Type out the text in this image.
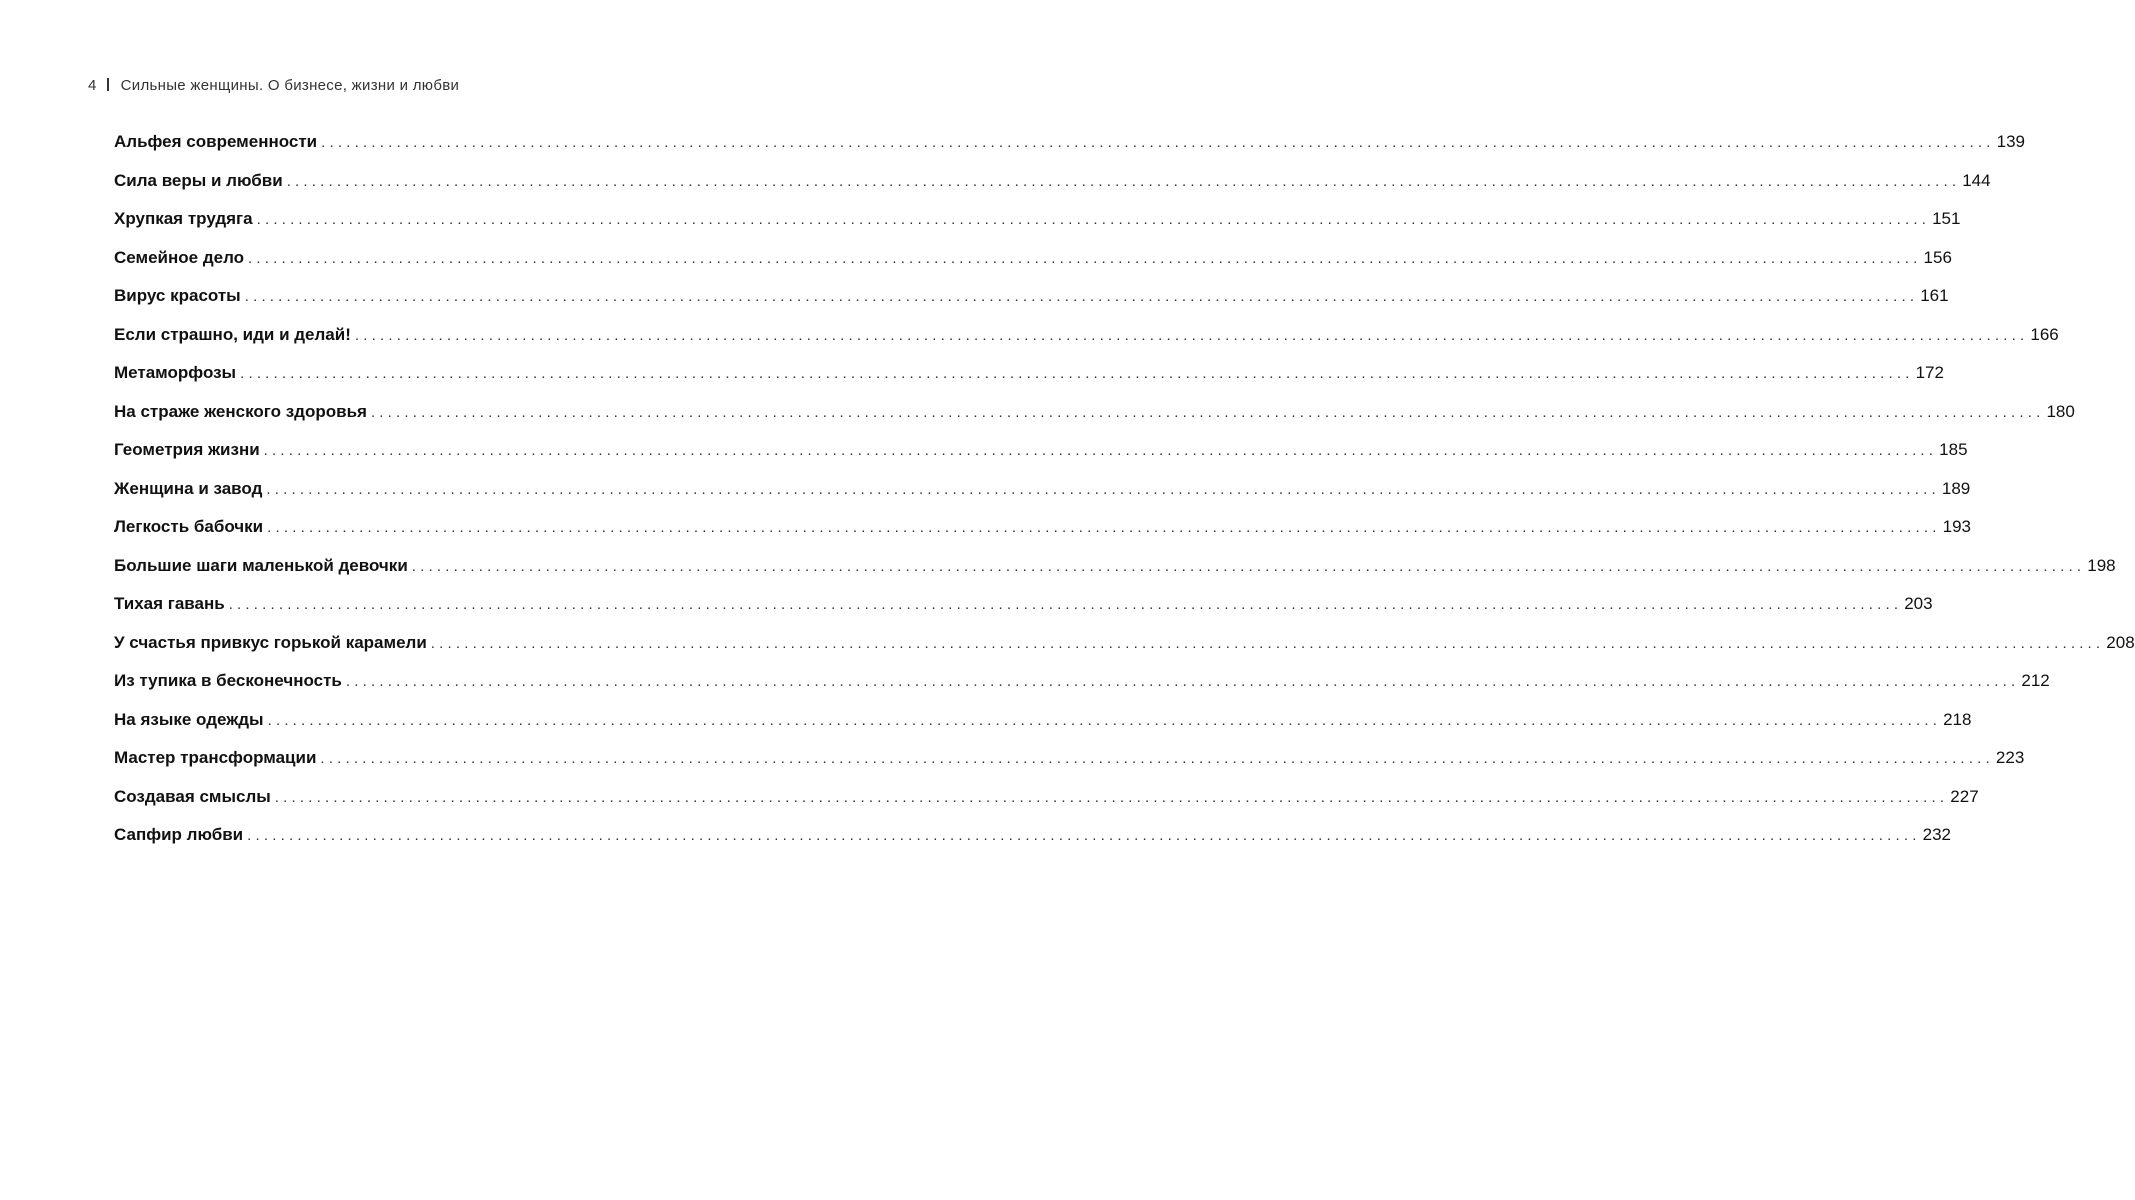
4 Сильные женщины. О бизнесе, жизни и любви
Альфея современности ........................................................................................................................................................................................................ 139
Сила веры и любви ........................................................................................................................................................................................................ 144
Хрупкая трудяга ........................................................................................................................................................................................................ 151
Семейное дело ........................................................................................................................................................................................................ 156
Вирус красоты ........................................................................................................................................................................................................ 161
Если страшно, иди и делай! ........................................................................................................................................................................................................ 166
Метаморфозы ........................................................................................................................................................................................................ 172
На страже женского здоровья ........................................................................................................................................................................................................ 180
Геометрия жизни ........................................................................................................................................................................................................ 185
Женщина и завод ........................................................................................................................................................................................................ 189
Легкость бабочки ........................................................................................................................................................................................................ 193
Большие шаги маленькой девочки ........................................................................................................................................................................................................ 198
Тихая гавань ........................................................................................................................................................................................................ 203
У счастья привкус горькой карамели ........................................................................................................................................................................................................ 208
Из тупика в бесконечность ........................................................................................................................................................................................................ 212
На языке одежды ........................................................................................................................................................................................................ 218
Мастер трансформации ........................................................................................................................................................................................................ 223
Создавая смыслы ........................................................................................................................................................................................................ 227
Сапфир любви ........................................................................................................................................................................................................ 232
